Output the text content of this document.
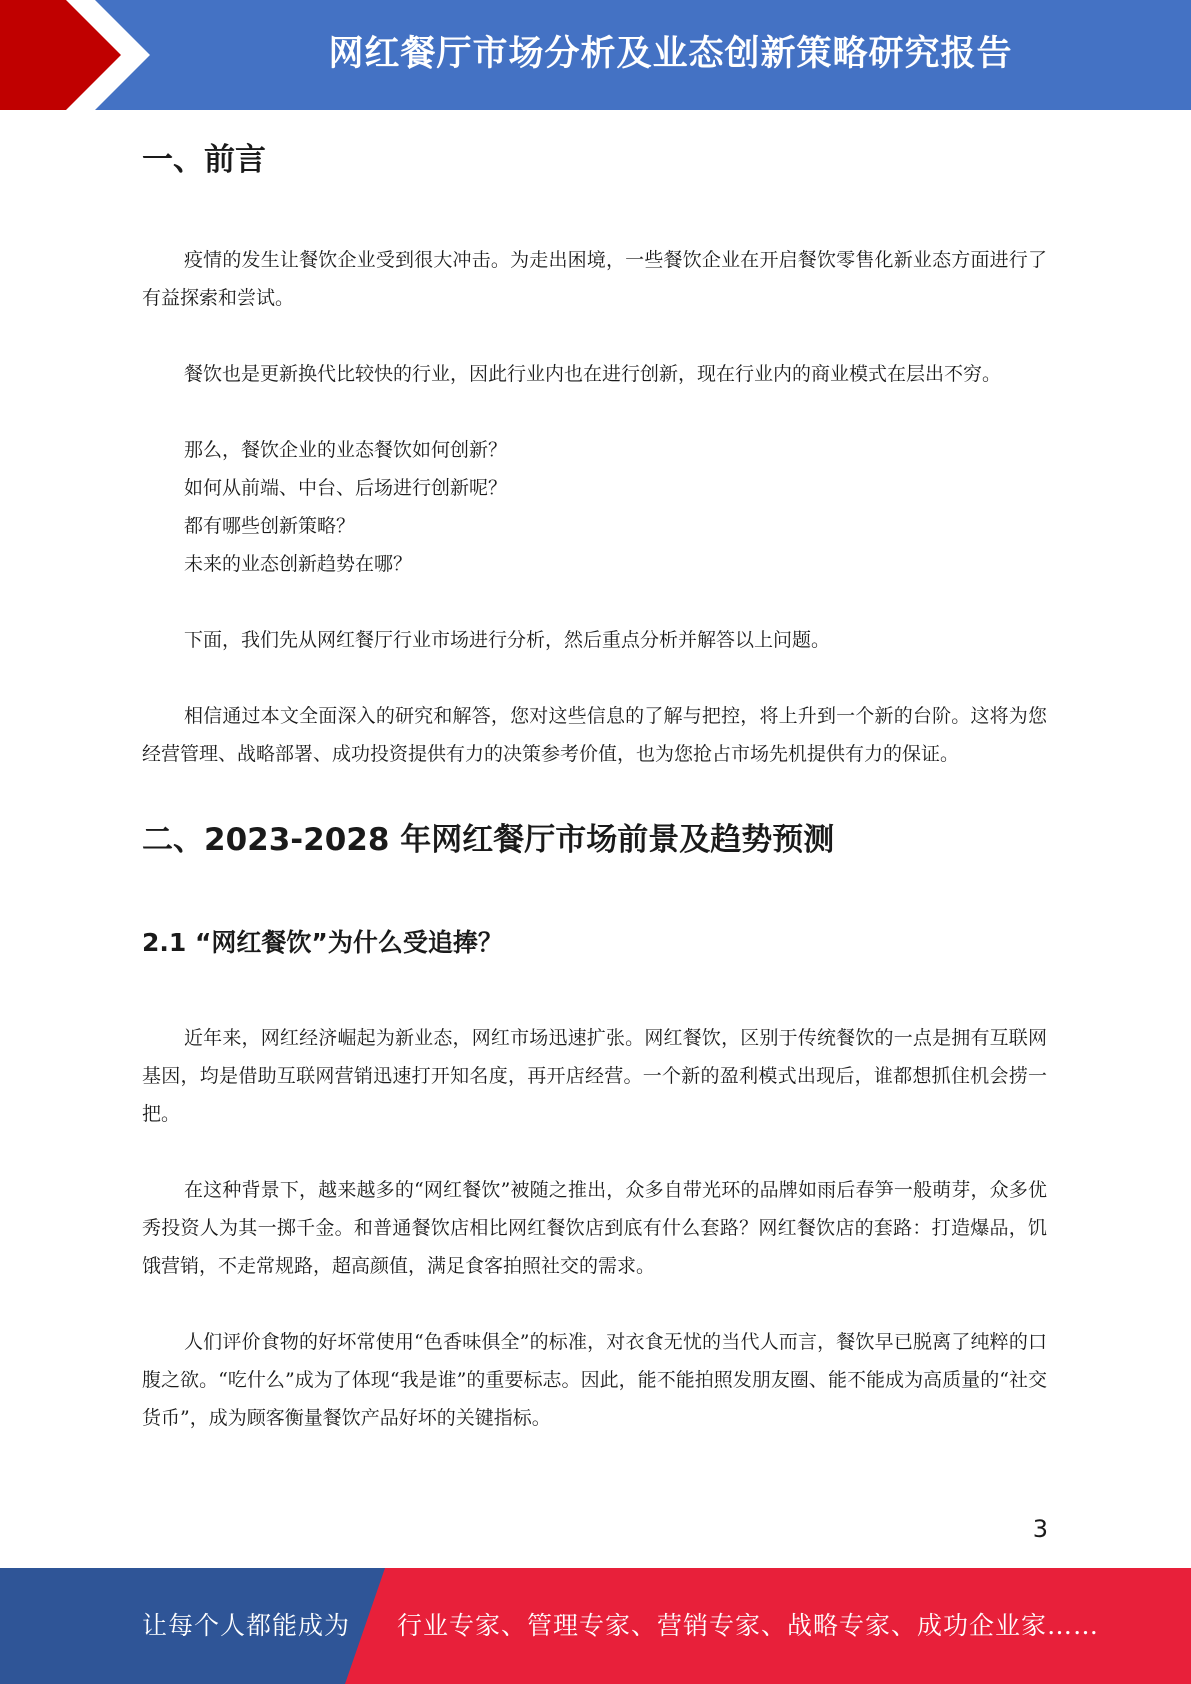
网红餐厅市场分析及业态创新策略研究报告
一、前言

疫情的发生让餐饮企业受到很大冲击。为走出困境，一些餐饮企业在开启餐饮零售化新业态方面进行了有益探索和尝试。

餐饮也是更新换代比较快的行业，因此行业内也在进行创新，现在行业内的商业模式在层出不穷。

那么，餐饮企业的业态餐饮如何创新？

如何从前端、中台、后场进行创新呢？

都有哪些创新策略？

未来的业态创新趋势在哪？

下面，我们先从网红餐厅行业市场进行分析，然后重点分析并解答以上问题。

相信通过本文全面深入的研究和解答，您对这些信息的了解与把控，将上升到一个新的台阶。这将为您经营管理、战略部署、成功投资提供有力的决策参考价值，也为您抢占市场先机提供有力的保证。

二、2023-2028 年网红餐厅市场前景及趋势预测
2.1 “网红餐饮”为什么受追捧？

近年来，网红经济崛起为新业态，网红市场迅速扩张。网红餐饮，区别于传统餐饮的一点是拥有互联网基因，均是借助互联网营销迅速打开知名度，再开店经营。一个新的盈利模式出现后，谁都想抓住机会捞一把。

在这种背景下，越来越多的“网红餐饮”被随之推出，众多自带光环的品牌如雨后春笋一般萌芽，众多优秀投资人为其一掷千金。和普通餐饮店相比网红餐饮店到底有什么套路？网红餐饮店的套路：打造爆品，饥饿营销，不走常规路，超高颜值，满足食客拍照社交的需求。

人们评价食物的好坏常使用“色香味俱全”的标准，对衣食无忧的当代人而言，餐饮早已脱离了纯粹的口腹之欲。“吃什么”成为了体现“我是谁”的重要标志。因此，能不能拍照发朋友圈、能不能成为高质量的“社交货币”，成为顾客衡量餐饮产品好坏的关键指标。

3
让每个人都能成为 行业专家、管理专家、营销专家、战略专家、成功企业家……
